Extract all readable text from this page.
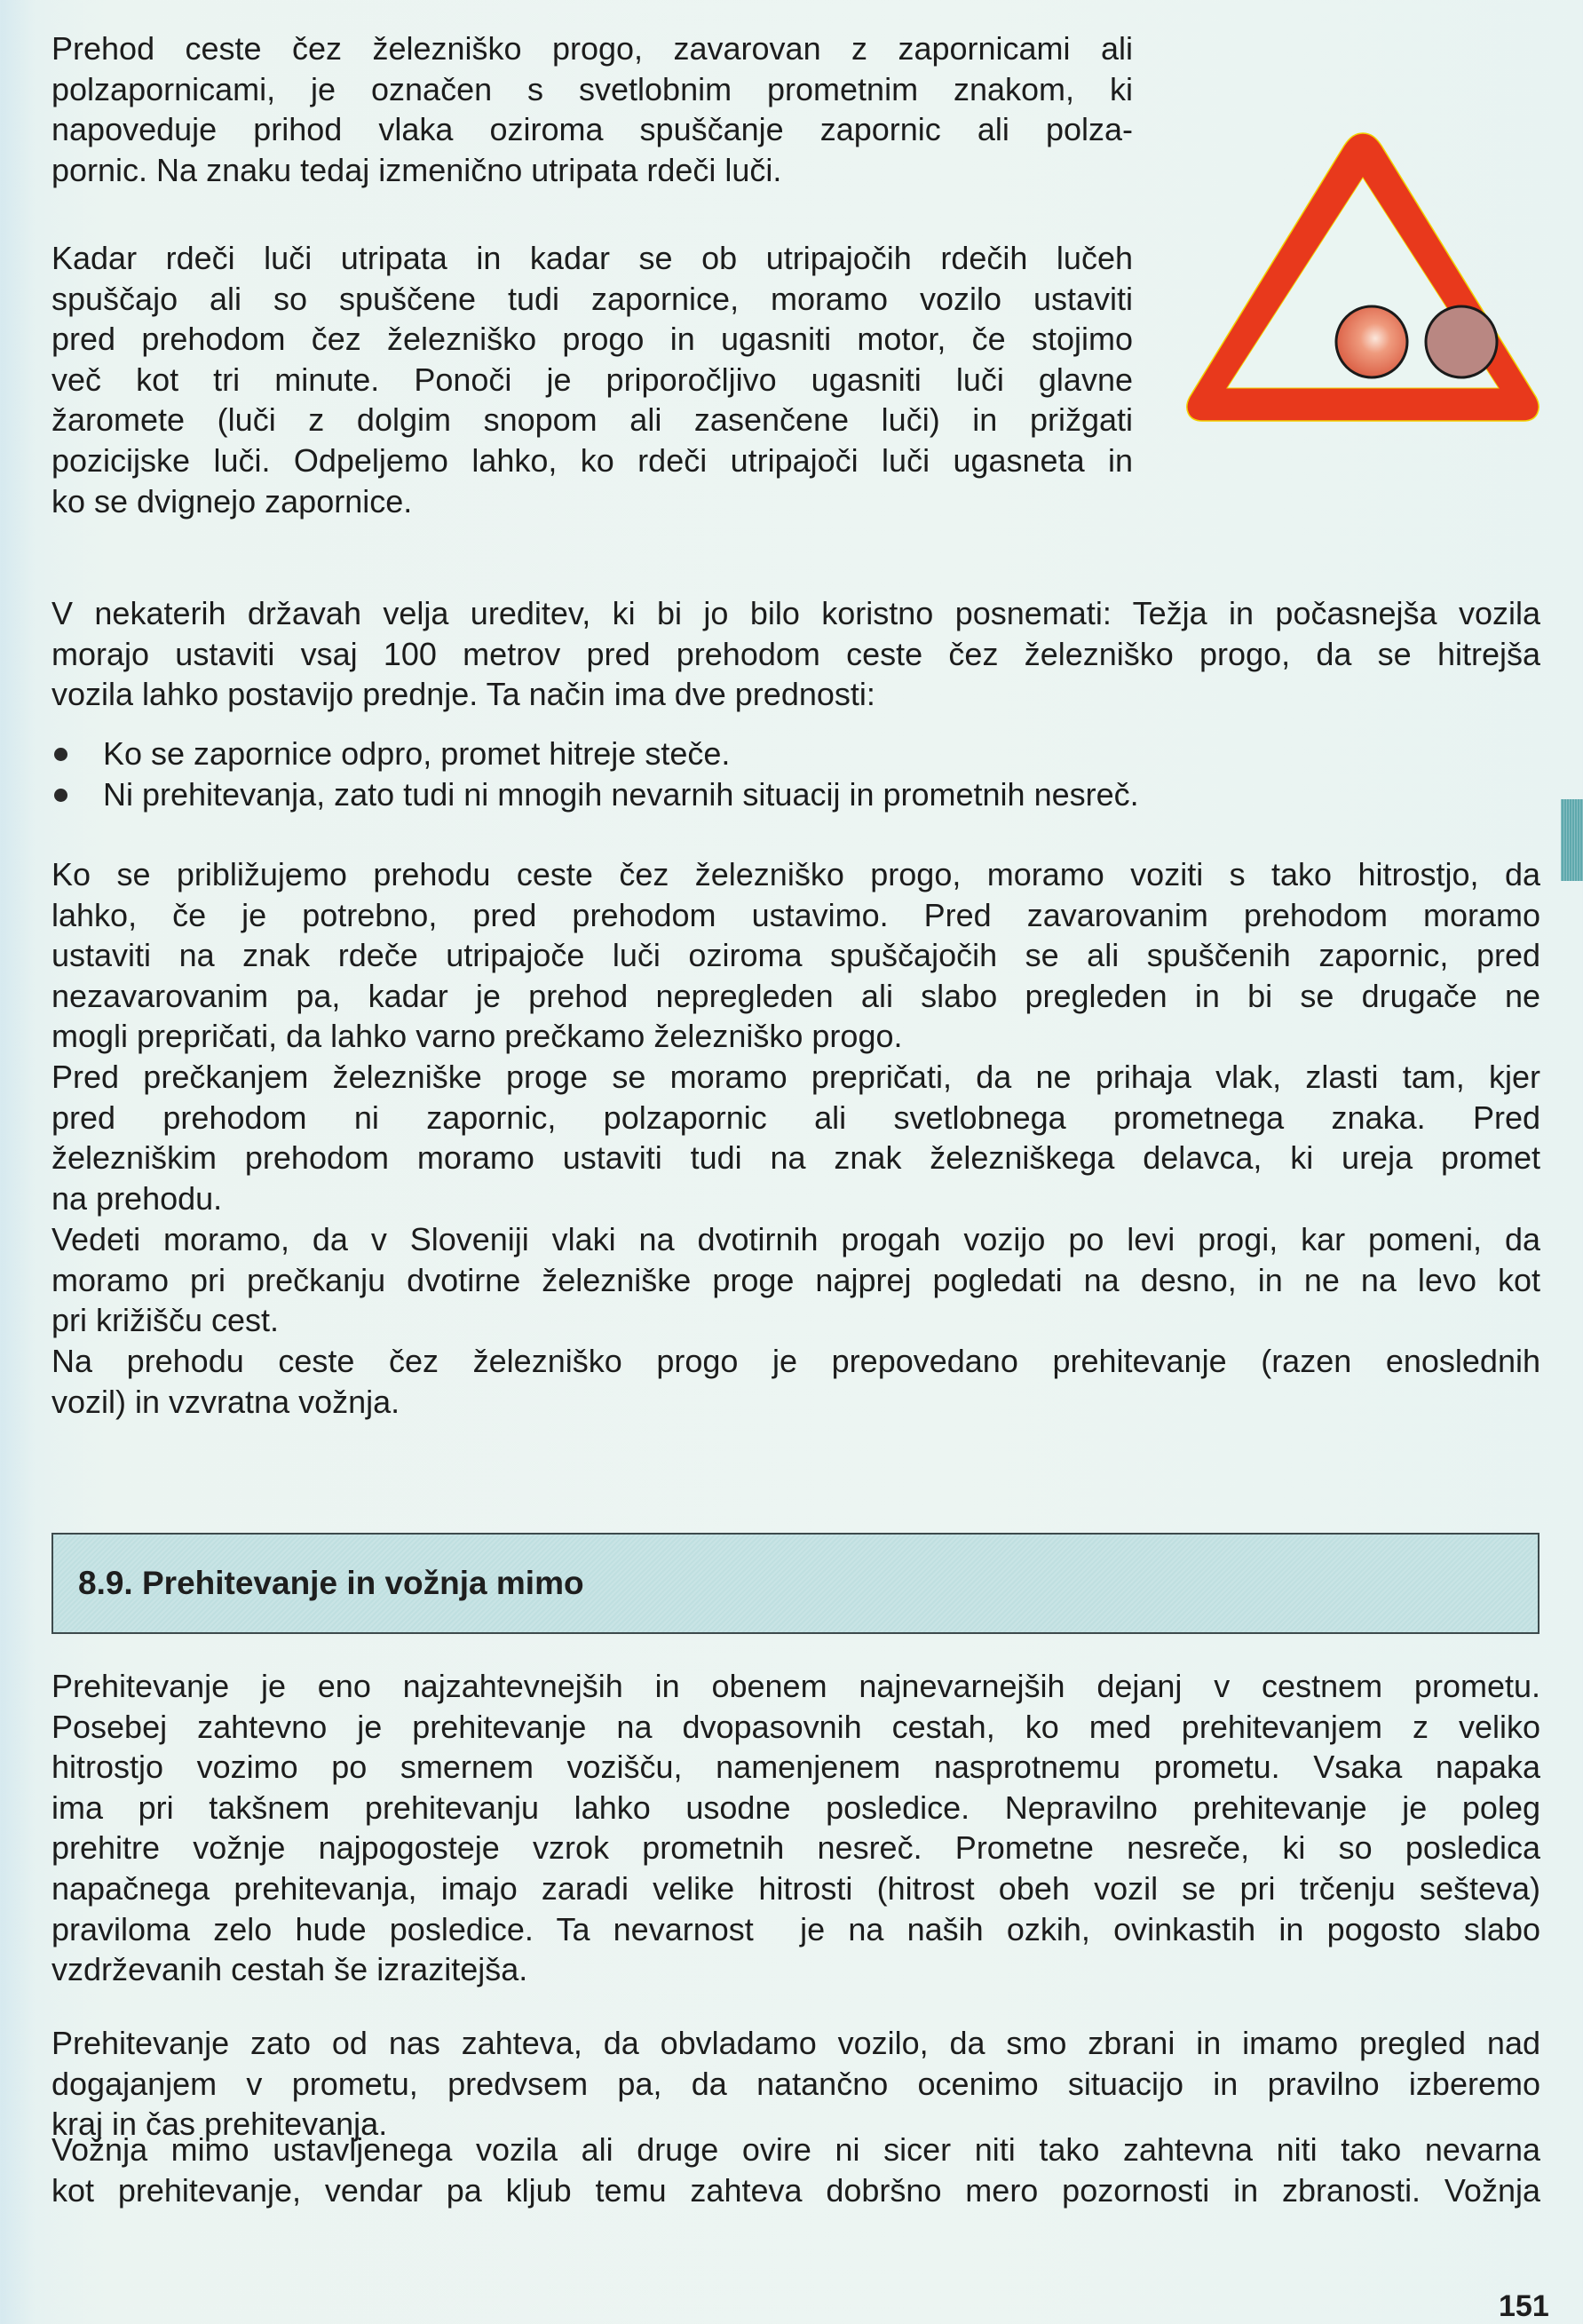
Prehod ceste čez železniško progo, zavarovan z zapornicami ali
polzapornicami, je označen s svetlobnim prometnim znakom, ki
napoveduje prihod vlaka oziroma spuščanje zapornic ali polza-
pornic. Na znaku tedaj izmenično utripata rdeči luči.
Kadar rdeči luči utripata in kadar se ob utripajočih rdečih lučeh
spuščajo ali so spuščene tudi zapornice, moramo vozilo ustaviti
pred prehodom čez železniško progo in ugasniti motor, če stojimo
več kot tri minute. Ponoči je priporočljivo ugasniti luči glavne
žaromete (luči z dolgim snopom ali zasenčene luči) in prižgati
pozicijske luči. Odpeljemo lahko, ko rdeči utripajoči luči ugasneta in
ko se dvignejo zapornice.
V nekaterih državah velja ureditev, ki bi jo bilo koristno posnemati: Težja in počasnejša vozila
morajo ustaviti vsaj 100 metrov pred prehodom ceste čez železniško progo, da se hitrejša
vozila lahko postavijo prednje. Ta način ima dve prednosti:
Ko se zapornice odpro, promet hitreje steče.
Ni prehitevanja, zato tudi ni mnogih nevarnih situacij in prometnih nesreč.
Ko se približujemo prehodu ceste čez železniško progo, moramo voziti s tako hitrostjo, da
lahko, če je potrebno, pred prehodom ustavimo. Pred zavarovanim prehodom moramo
ustaviti na znak rdeče utripajoče luči oziroma spuščajočih se ali spuščenih zapornic, pred
nezavarovanim pa, kadar je prehod nepregleden ali slabo pregleden in bi se drugače ne
mogli prepričati, da lahko varno prečkamo železniško progo.
Pred prečkanjem železniške proge se moramo prepričati, da ne prihaja vlak, zlasti tam, kjer
pred prehodom ni zapornic, polzapornic ali svetlobnega prometnega znaka. Pred
železniškim prehodom moramo ustaviti tudi na znak železniškega delavca, ki ureja promet
na prehodu.
Vedeti moramo, da v Sloveniji vlaki na dvotirnih progah vozijo po levi progi, kar pomeni, da
moramo pri prečkanju dvotirne železniške proge najprej pogledati na desno, in ne na levo kot
pri križišču cest.
Na prehodu ceste čez železniško progo je prepovedano prehitevanje (razen enoslednih
vozil) in vzvratna vožnja.
8.9. Prehitevanje in vožnja mimo
Prehitevanje je eno najzahtevnejših in obenem najnevarnejših dejanj v cestnem prometu.
Posebej zahtevno je prehitevanje na dvopasovnih cestah, ko med prehitevanjem z veliko
hitrostjo vozimo po smernem vozišču, namenjenem nasprotnemu prometu. Vsaka napaka
ima pri takšnem prehitevanju lahko usodne posledice. Nepravilno prehitevanje je poleg
prehitre vožnje najpogosteje vzrok prometnih nesreč. Prometne nesreče, ki so posledica
napačnega prehitevanja, imajo zaradi velike hitrosti (hitrost obeh vozil se pri trčenju sešteva)
praviloma zelo hude posledice. Ta nevarnost  je na naših ozkih, ovinkastih in pogosto slabo
vzdrževanih cestah še izrazitejša.
Prehitevanje zato od nas zahteva, da obvladamo vozilo, da smo zbrani in imamo pregled nad
dogajanjem v prometu, predvsem pa, da natančno ocenimo situacijo in pravilno izberemo
kraj in čas prehitevanja.
Vožnja mimo ustavljenega vozila ali druge ovire ni sicer niti tako zahtevna niti tako nevarna
kot prehitevanje, vendar pa kljub temu zahteva dobršno mero pozornosti in zbranosti. Vožnja
151
